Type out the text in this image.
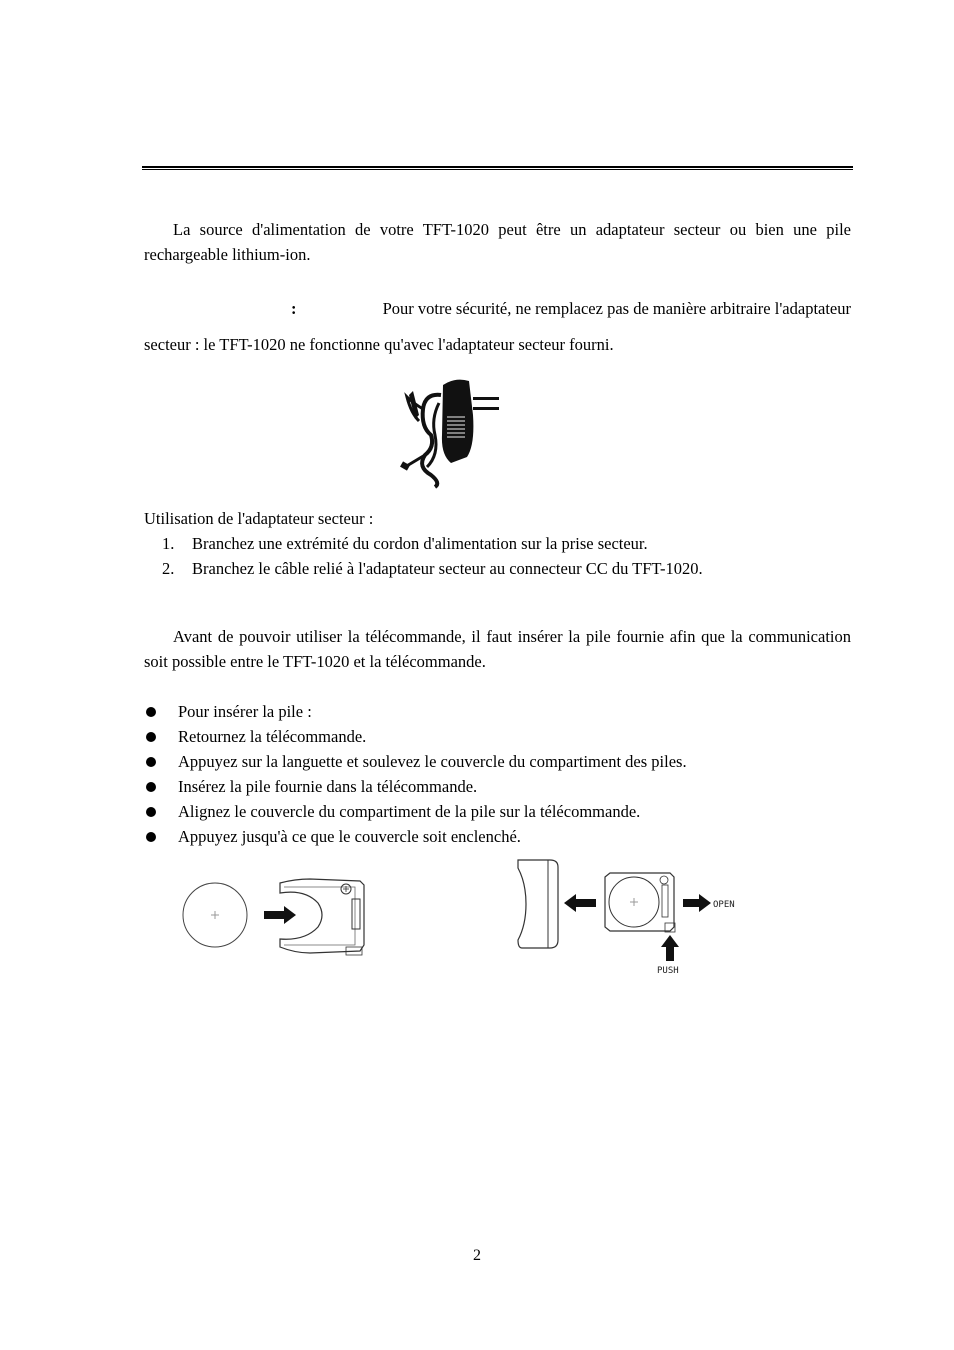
La source d'alimentation de votre TFT-1020 peut être un adaptateur secteur ou bien une pile rechargeable lithium-ion.

:	Pour votre sécurité, ne remplacez pas de manière arbitraire l'adaptateur
secteur : le TFT-1020 ne fonctionne qu'avec l'adaptateur secteur fourni.
Utilisation de l'adaptateur secteur :
1. Branchez une extrémité du cordon d'alimentation sur la prise secteur.
2. Branchez le câble relié à l'adaptateur secteur au connecteur CC du TFT-1020.

Avant de pouvoir utiliser la télécommande, il faut insérer la pile fournie afin que la communication soit possible entre le TFT-1020 et la télécommande.

Pour insérer la pile :
Retournez la télécommande.
Appuyez sur la languette et soulevez le couvercle du compartiment des piles.
Insérez la pile fournie dans la télécommande.
Alignez le couvercle du compartiment de la pile sur la télécommande.
Appuyez jusqu'à ce que le couvercle soit enclenché.
OPEN
PUSH
2
